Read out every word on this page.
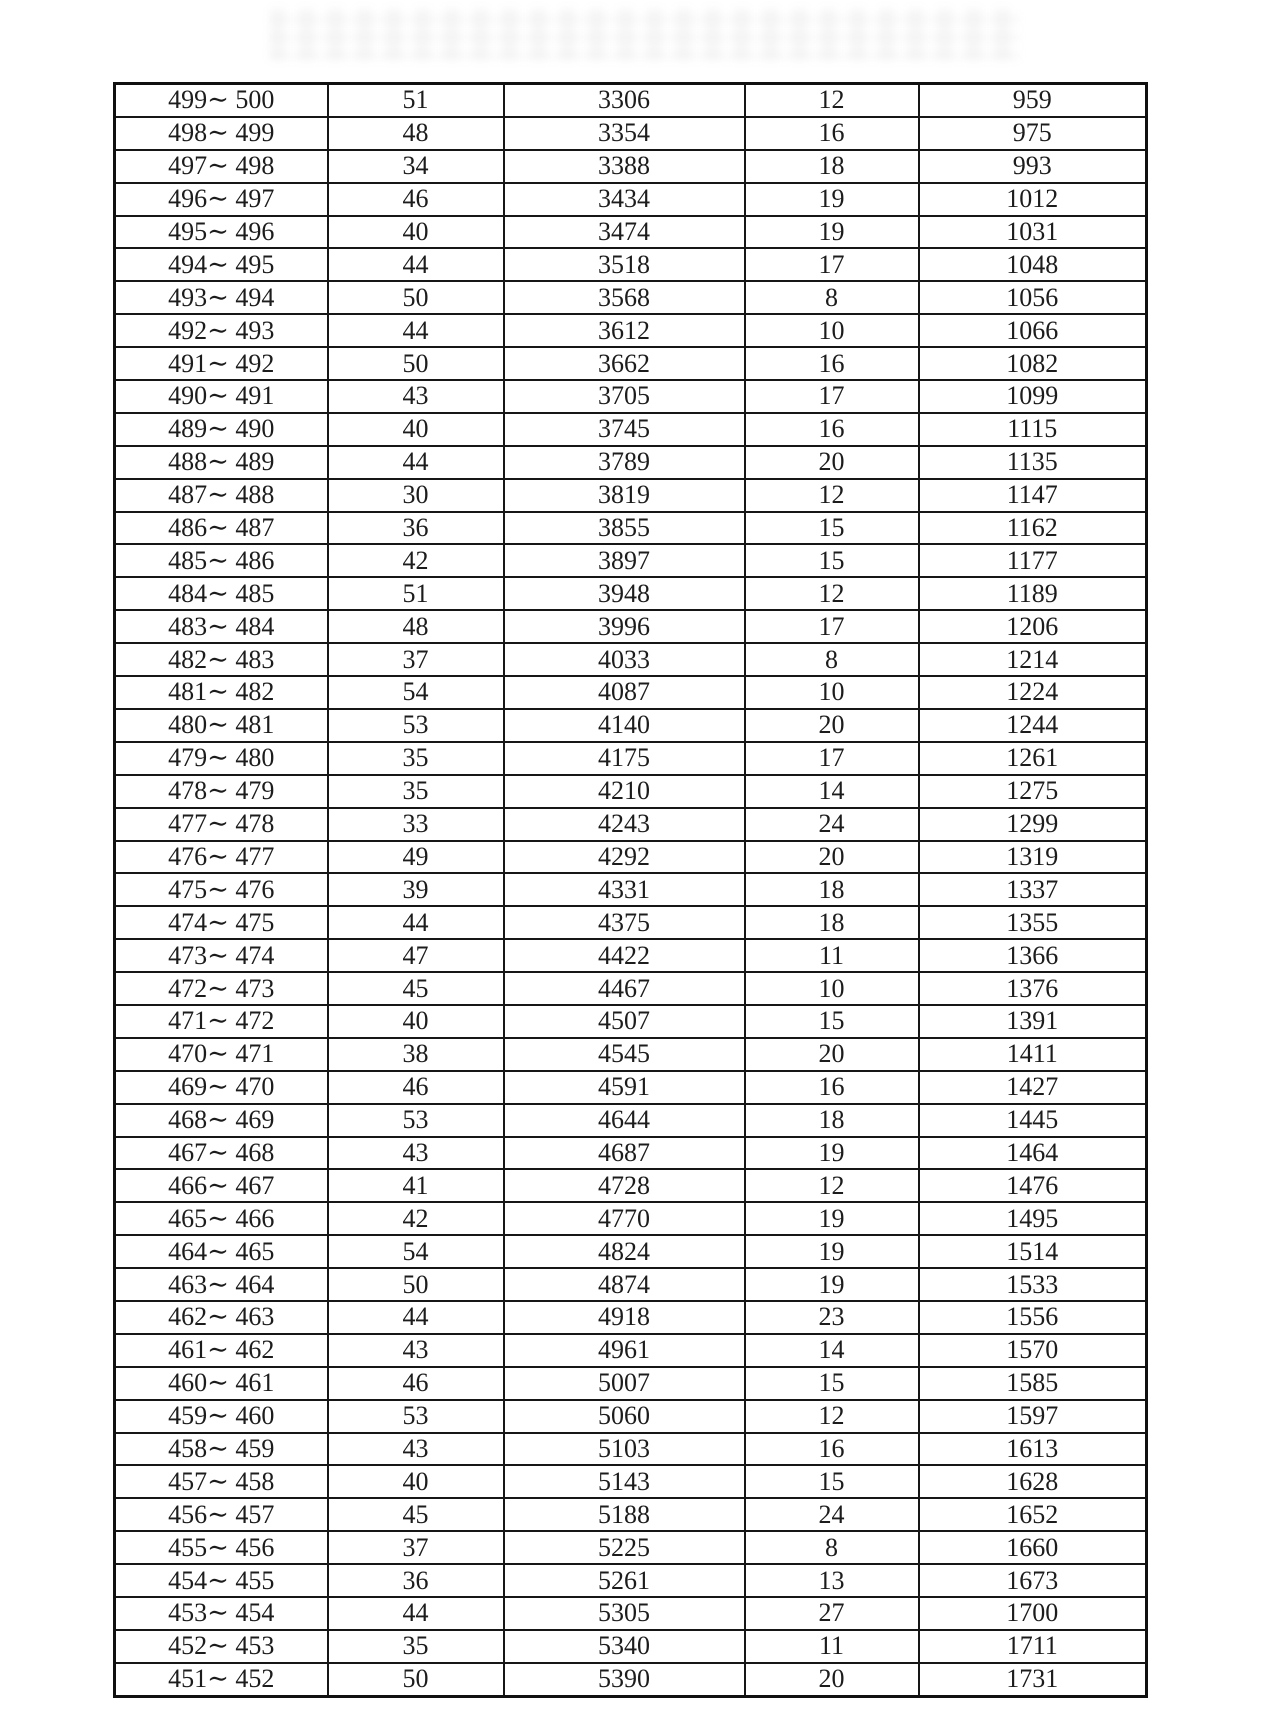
499∼ 500	51	3306	12	959
498∼ 499	48	3354	16	975
497∼ 498	34	3388	18	993
496∼ 497	46	3434	19	1012
495∼ 496	40	3474	19	1031
494∼ 495	44	3518	17	1048
493∼ 494	50	3568	8	1056
492∼ 493	44	3612	10	1066
491∼ 492	50	3662	16	1082
490∼ 491	43	3705	17	1099
489∼ 490	40	3745	16	1115
488∼ 489	44	3789	20	1135
487∼ 488	30	3819	12	1147
486∼ 487	36	3855	15	1162
485∼ 486	42	3897	15	1177
484∼ 485	51	3948	12	1189
483∼ 484	48	3996	17	1206
482∼ 483	37	4033	8	1214
481∼ 482	54	4087	10	1224
480∼ 481	53	4140	20	1244
479∼ 480	35	4175	17	1261
478∼ 479	35	4210	14	1275
477∼ 478	33	4243	24	1299
476∼ 477	49	4292	20	1319
475∼ 476	39	4331	18	1337
474∼ 475	44	4375	18	1355
473∼ 474	47	4422	11	1366
472∼ 473	45	4467	10	1376
471∼ 472	40	4507	15	1391
470∼ 471	38	4545	20	1411
469∼ 470	46	4591	16	1427
468∼ 469	53	4644	18	1445
467∼ 468	43	4687	19	1464
466∼ 467	41	4728	12	1476
465∼ 466	42	4770	19	1495
464∼ 465	54	4824	19	1514
463∼ 464	50	4874	19	1533
462∼ 463	44	4918	23	1556
461∼ 462	43	4961	14	1570
460∼ 461	46	5007	15	1585
459∼ 460	53	5060	12	1597
458∼ 459	43	5103	16	1613
457∼ 458	40	5143	15	1628
456∼ 457	45	5188	24	1652
455∼ 456	37	5225	8	1660
454∼ 455	36	5261	13	1673
453∼ 454	44	5305	27	1700
452∼ 453	35	5340	11	1711
451∼ 452	50	5390	20	1731
